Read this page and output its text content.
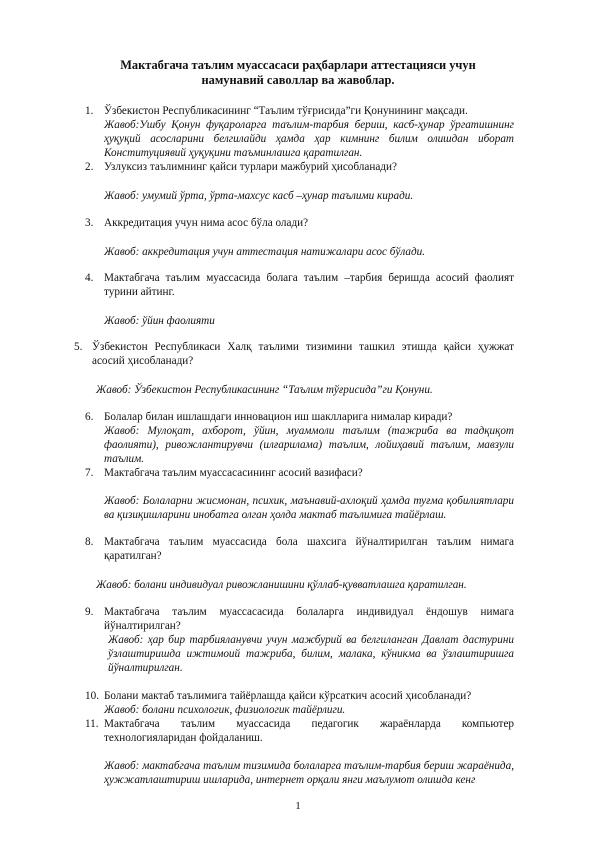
Мактабгача таълим муассасаси раҳбарлари аттестацияси учун
намунавий саволлар ва жавоблар.
1. Ўзбекистон Республикасининг “Таълим тўғрисида”ги Қонунининг мақсади.
Жавоб:Ушбу Қонун фуқароларга таълим-тарбия бериш, касб-ҳунар ўргатишнинг ҳуқуқий асосларини белгилайди ҳамда ҳар кимнинг билим олишдан иборат Конституциявий ҳуқуқини таъминлашга қаратилган.
2. Узлуксиз таълимнинг қайси турлари мажбурий ҳисобланади?
Жавоб: умумий ўрта, ўрта-махсус касб –ҳунар таълими киради.
3. Аккредитация учун нима асос бўла олади?
Жавоб: аккредитация учун аттестация натижалари асос бўлади.
4. Мактабгача таълим муассасида болага таълим –тарбия беришда асосий фаолият турини айтинг.
Жавоб: ўйин фаолияти
5. Ўзбекистон Республикаси Халқ таълими тизимини ташкил этишда қайси ҳужжат асосий ҳисобланади?
Жавоб: Ўзбекистон Республикасининг “Таълим тўғрисида”ги Қонуни.
6. Болалар билан ишлашдаги инновацион иш шаклларига нималар киради?
Жавоб: Мулоқат, ахборот, ўйин, муаммоли таълим (тажриба ва тадқиқот фаолияти), ривожлантирувчи (илғарилама) таълим, лойиҳавий таълим, мавзули таълим.
7. Мактабгача таълим муассасасининг асосий вазифаси?
Жавоб: Болаларни жисмонан, психик, маънавий-ахлоқий ҳамда туғма қобилиятлари ва қизиқишларини инобатга олган ҳолда мактаб таълимига тайёрлаш.
8. Мактабгача таълим муассасида бола шахсига йўналтирилган таълим нимага қаратилган?
Жавоб: болани индивидуал ривожланишини қўллаб-қувватлашга қаратилган.
9. Мактабгача таълим муассасасида болаларга индивидуал ёндошув нимага йўналтирилган?
Жавоб: ҳар бир тарбияланувчи учун мажбурий ва белгиланган Давлат дастурини ўзлаштиришда ижтимоий тажриба, билим, малака, кўникма ва ўзлаштиришга йўналтирилган.
10. Болани мактаб таълимига тайёрлашда қайси кўрсаткич асосий ҳисобланади?
Жавоб: болани психологик, физиологик тайёрлиги.
11. Мактабгача таълим муассасида педагогик жараёнларда компьютер технологияларидан фойдаланиш.
Жавоб: мактабгача таълим тизимида болаларга таълим-тарбия бериш жараёнида, ҳужжатлаштириш ишларида, интернет орқали янги маълумот олишда кенг
1
